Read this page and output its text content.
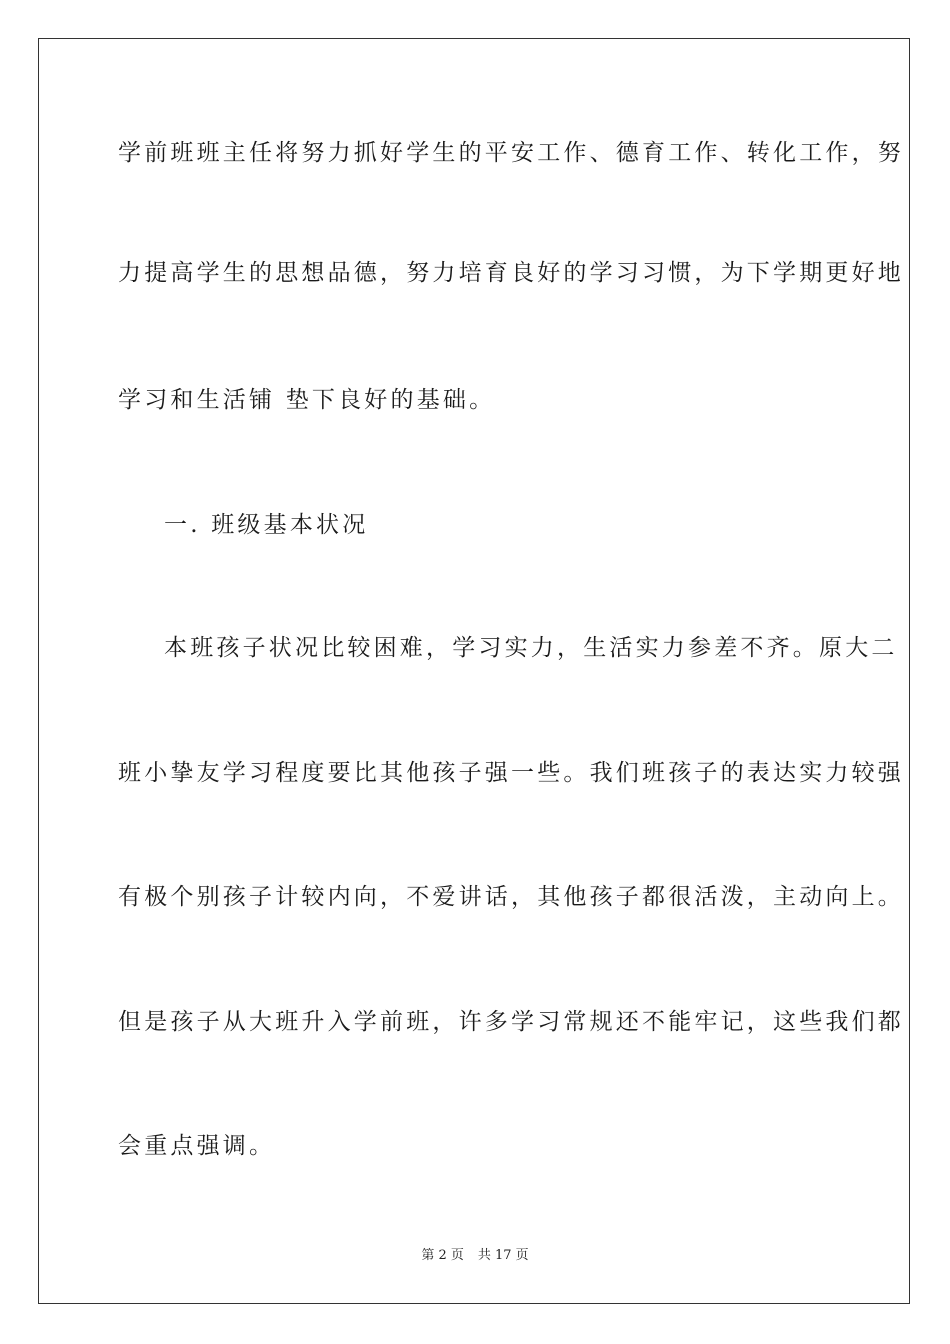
学前班班主任将努力抓好学生的平安工作、德育工作、转化工作，努
力提高学生的思想品德，努力培育良好的学习习惯，为下学期更好地
学习和生活铺 垫下良好的基础。
一. 班级基本状况
本班孩子状况比较困难，学习实力，生活实力参差不齐。原大二
班小挚友学习程度要比其他孩子强一些。我们班孩子的表达实力较强
有极个别孩子计较内向，不爱讲话，其他孩子都很活泼，主动向上。
但是孩子从大班升入学前班，许多学习常规还不能牢记，这些我们都
会重点强调。
第 2 页 共 17 页
